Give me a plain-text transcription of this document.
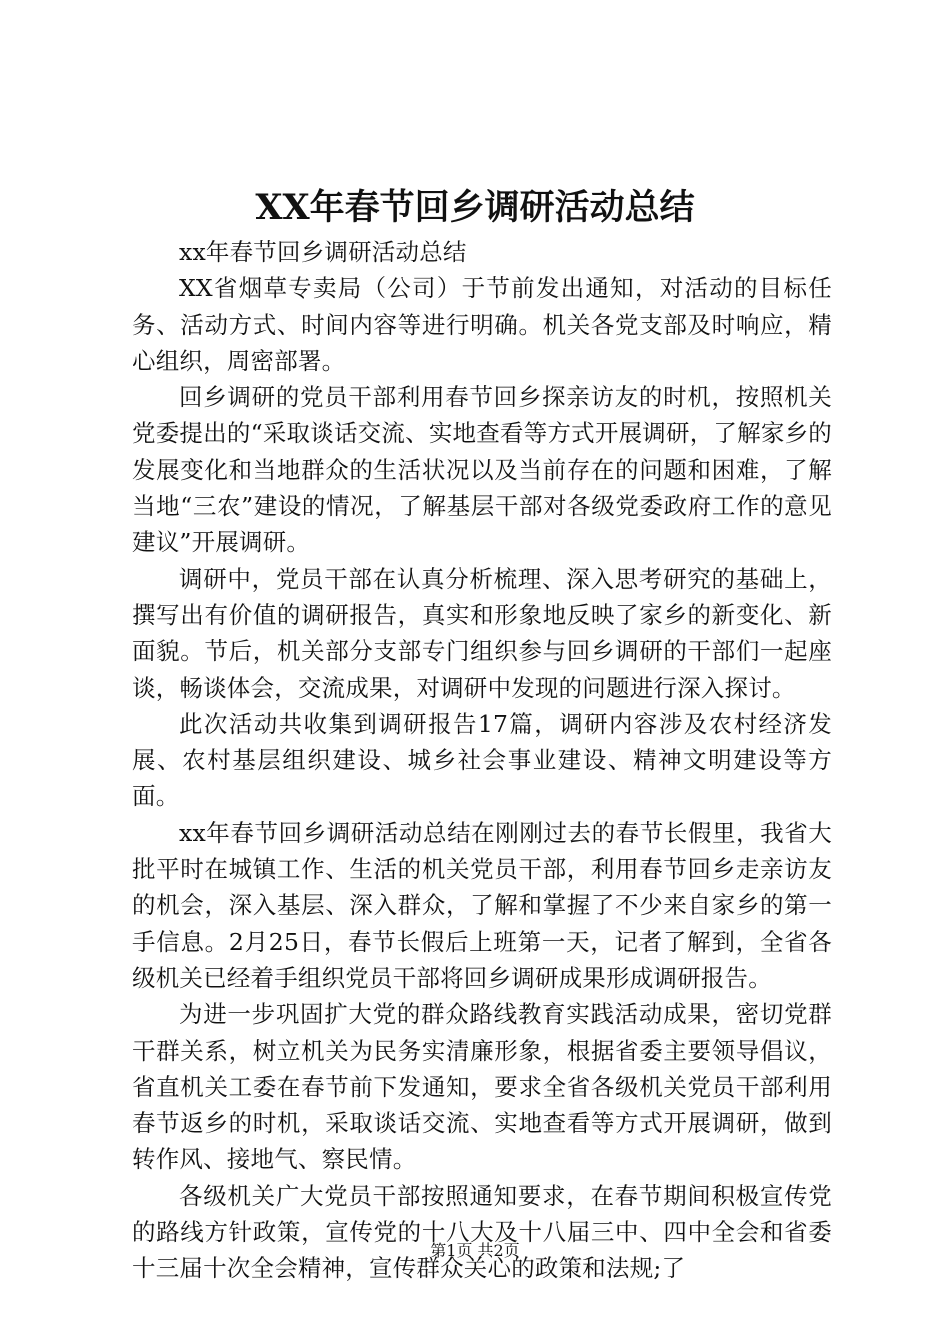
XX年春节回乡调研活动总结

xx年春节回乡调研活动总结

XX省烟草专卖局（公司）于节前发出通知，对活动的目标任务、活动方式、时间内容等进行明确。机关各党支部及时响应，精心组织，周密部署。

回乡调研的党员干部利用春节回乡探亲访友的时机，按照机关党委提出的“采取谈话交流、实地查看等方式开展调研，了解家乡的发展变化和当地群众的生活状况以及当前存在的问题和困难，了解当地“三农”建设的情况，了解基层干部对各级党委政府工作的意见建议”开展调研。

调研中，党员干部在认真分析梳理、深入思考研究的基础上，撰写出有价值的调研报告，真实和形象地反映了家乡的新变化、新面貌。节后，机关部分支部专门组织参与回乡调研的干部们一起座谈，畅谈体会，交流成果，对调研中发现的问题进行深入探讨。

此次活动共收集到调研报告17篇，调研内容涉及农村经济发展、农村基层组织建设、城乡社会事业建设、精神文明建设等方面。

xx年春节回乡调研活动总结在刚刚过去的春节长假里，我省大批平时在城镇工作、生活的机关党员干部，利用春节回乡走亲访友的机会，深入基层、深入群众，了解和掌握了不少来自家乡的第一手信息。2月25日，春节长假后上班第一天，记者了解到，全省各级机关已经着手组织党员干部将回乡调研成果形成调研报告。

为进一步巩固扩大党的群众路线教育实践活动成果，密切党群干群关系，树立机关为民务实清廉形象，根据省委主要领导倡议，省直机关工委在春节前下发通知，要求全省各级机关党员干部利用春节返乡的时机，采取谈话交流、实地查看等方式开展调研，做到转作风、接地气、察民情。

各级机关广大党员干部按照通知要求，在春节期间积极宣传党的路线方针政策，宣传党的十八大及十八届三中、四中全会和省委十三届十次全会精神，宣传群众关心的政策和法规;了

第1页 共2页
